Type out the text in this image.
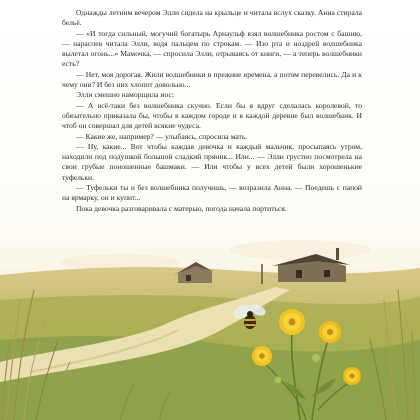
Однажды летним вечером Элли сидела на крыльце и читала вслух сказку. Анна стирала бельё.

— «И тогда сильный, могучий богатырь Арнаульф взял волшебника ростом с башню, — нараспев читала Элли, водя пальцем по строкам. — Изо рта и ноздрей волшебника вылетал огонь...» Мамочка, — спросила Элли, отрываясь от книги, — а теперь волшебники есть?

— Нет, моя дорогая. Жили волшебники в прежние времена, а потом перевелись. Да и к чему они? И без них хлопот довольно...

Элли смешно наморщила нос:

— А всё-таки без волшебника скучно. Если бы я вдруг сделалась королевой, то обязательно приказала бы, чтобы в каждом городе и в каждой деревне был волшебник. И чтоб он совершал для детей всякие чудеса.

— Какие же, например? — улыбаясь, спросила мать.

— Ну, какие... Вот чтобы каждая девочка и каждый мальчик, просыпаясь утром, находили под подушкой большой сладкий пряник... Или... — Элли грустно посмотрела на свои грубые поношенные башмаки. — Или чтобы у всех детей были хорошенькие туфельки.

— Туфельки ты и без волшебника получишь, — возразила Анна. — Поедешь с папой на ярмарку, он и купит...

Пока девочка разговаривала с матерью, погода начала портиться.
